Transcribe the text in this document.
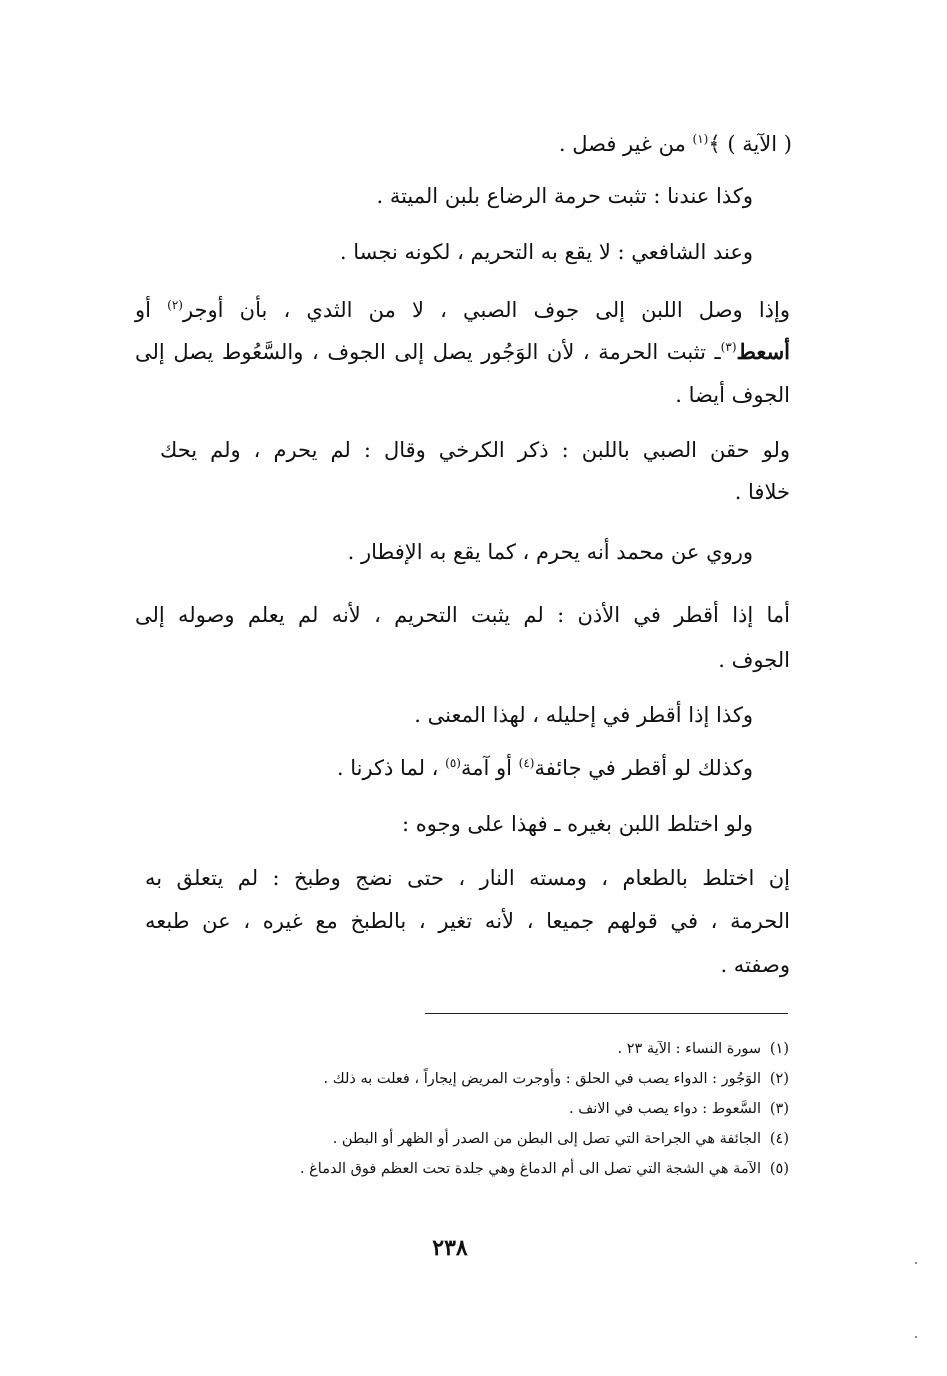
( الآية ) ﴾$^{(١)}$ من غير فصل .
وكذا عندنا : تثبت حرمة الرضاع بلبن الميتة .
وعند الشافعي : لا يقع به التحريم ، لكونه نجسا .
وإذا وصل اللبن إلى جوف الصبي ، لا من الثدي ، بأن أوجر$^{(٢)}$ أو
أسعط$^{(٣)}$ـ تثبت الحرمة ، لأن الوَجُور يصل إلى الجوف ، والسَّعُوط يصل إلى
الجوف أيضا .
ولو حقن الصبي باللبن : ذكر الكرخي وقال : لم يحرم ، ولم يحك
خلافا .
وروي عن محمد أنه يحرم ، كما يقع به الإفطار .
أما إذا أقطر في الأذن : لم يثبت التحريم ، لأنه لم يعلم وصوله إلى
الجوف .
وكذا إذا أقطر في إحليله ، لهذا المعنى .
وكذلك لو أقطر في جائفة$^{(٤)}$ أو آمة$^{(٥)}$ ، لما ذكرنا .
ولو اختلط اللبن بغيره ـ فهذا على وجوه :
إن اختلط بالطعام ، ومسته النار ، حتى نضج وطبخ : لم يتعلق به
الحرمة ، في قولهم جميعا ، لأنه تغير ، بالطبخ مع غيره ، عن طبعه
وصفته .
(١)سورة النساء : الآية ٢٣ .
(٢)الوَجُور : الدواء يصب في الحلق : وأوجرت المريض إيجاراً ، فعلت به ذلك .
(٣)السَّعوط : دواء يصب في الانف .
(٤)الجائفة هي الجراحة التي تصل إلى البطن من الصدر أو الظهر أو البطن .
(٥)الآمة هي الشجة التي تصل الى أم الدماغ وهي جلدة تحت العظم فوق الدماغ .
٢٣٨
